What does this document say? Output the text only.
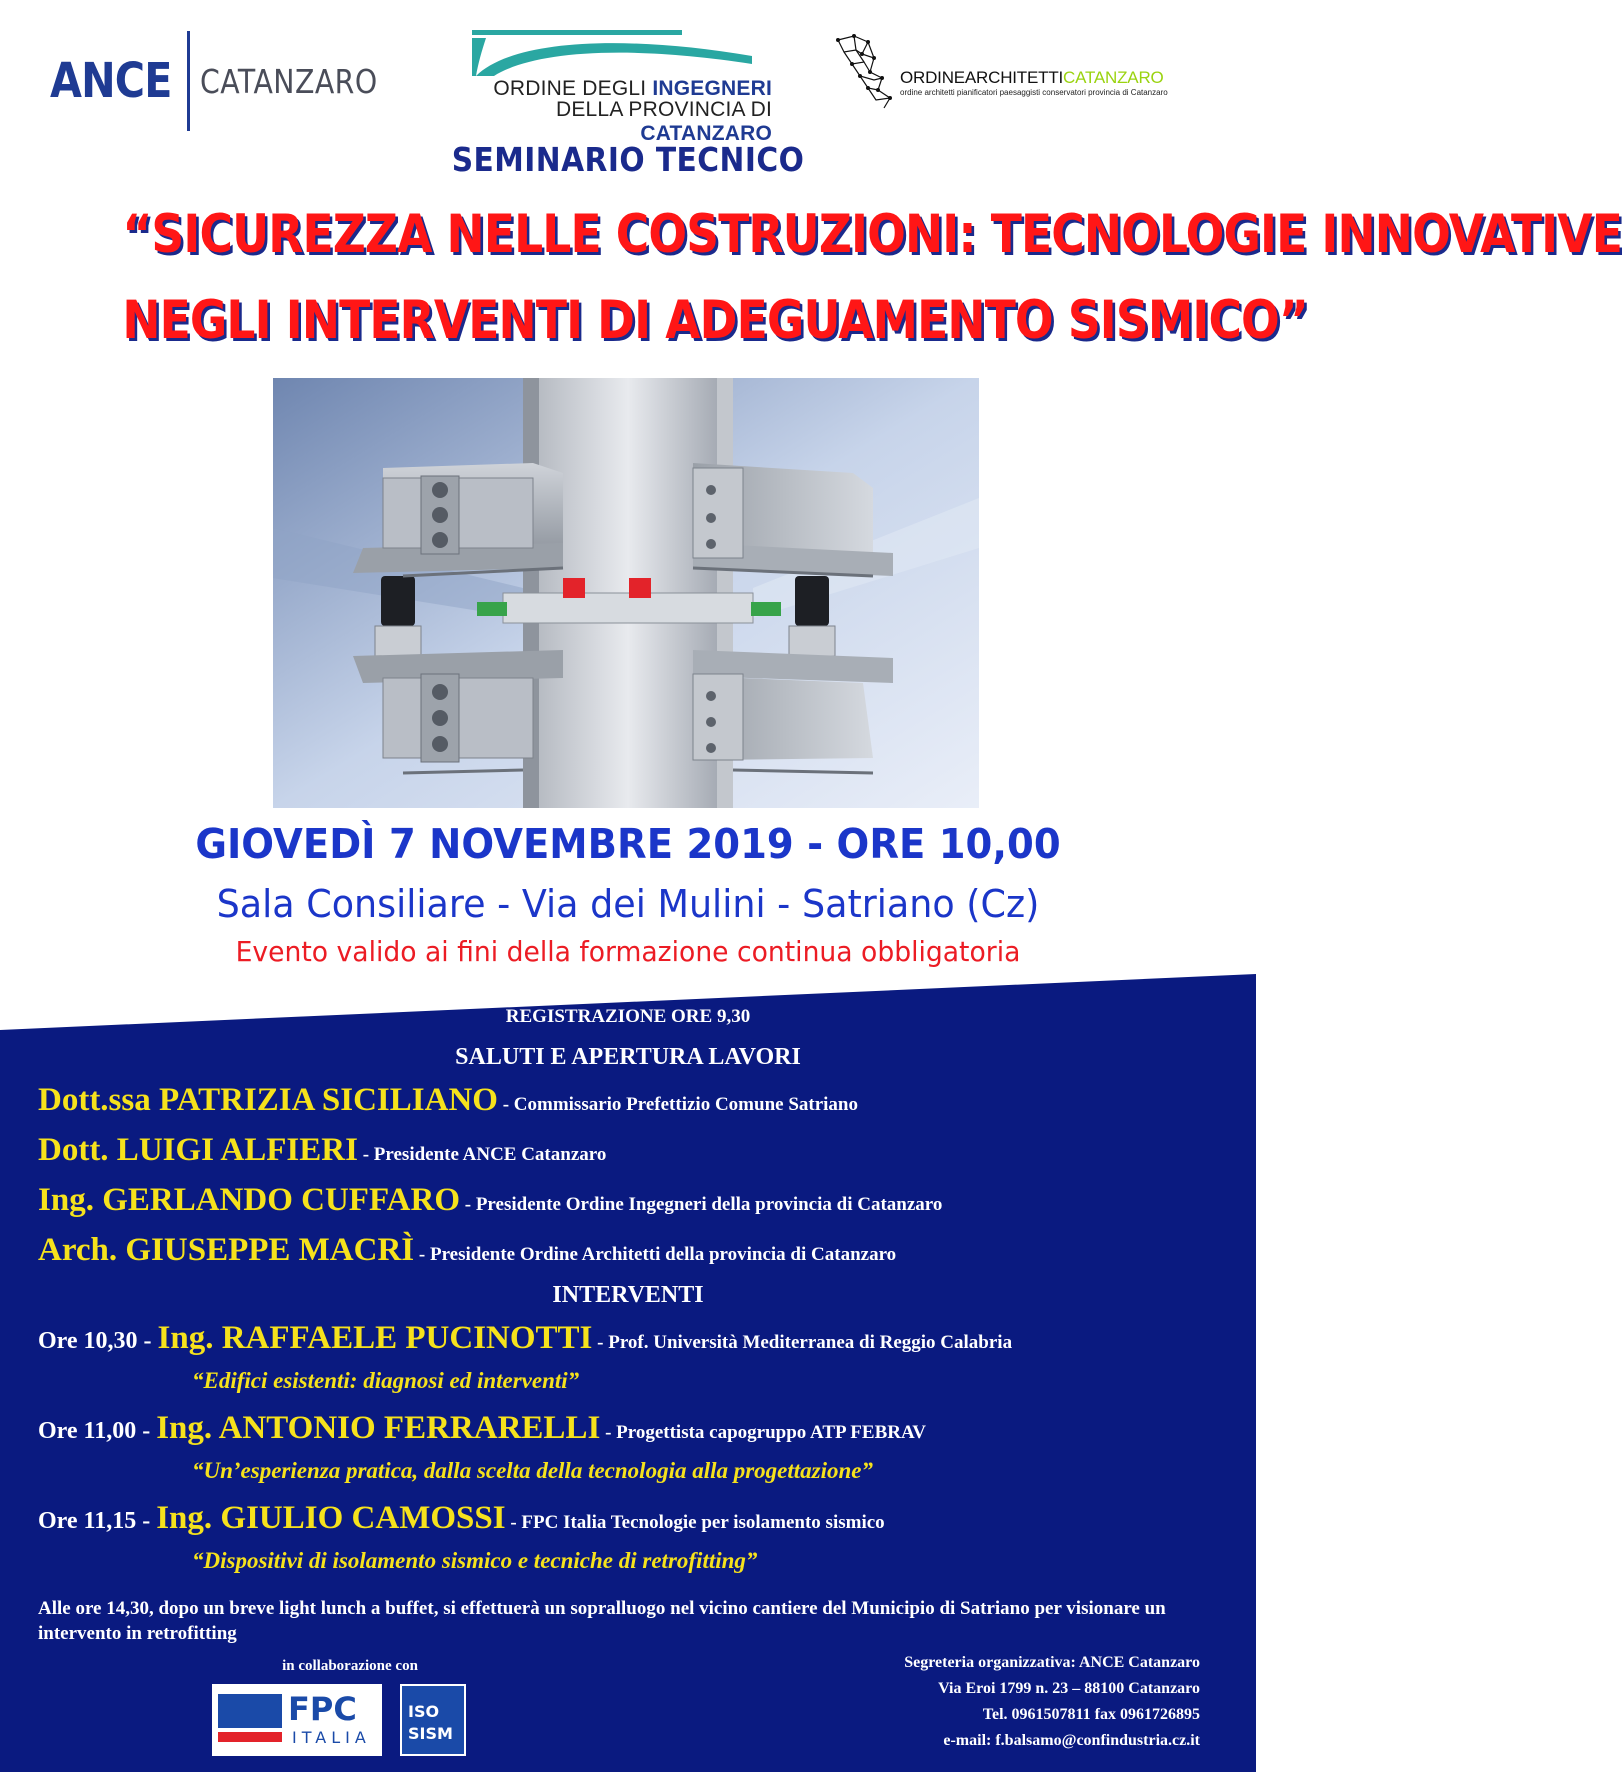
ANCE CATANZARO	ORDINE DEGLI INGEGNERI
DELLA PROVINCIA DI CATANZARO
ORDINEARCHITETTICATANZARO
ordine architetti pianificatori paesaggisti conservatori provincia di Catanzaro
SEMINARIO TECNICO
“SICUREZZA NELLE COSTRUZIONI: TECNOLOGIE INNOVATIVE
NEGLI INTERVENTI DI ADEGUAMENTO SISMICO”
GIOVEDÌ 7 NOVEMBRE 2019 - ORE 10,00
Sala Consiliare - Via dei Mulini - Satriano (Cz)
Evento valido ai fini della formazione continua obbligatoria
REGISTRAZIONE ORE 9,30
SALUTI E APERTURA LAVORI
Dott.ssa PATRIZIA SICILIANO - Commissario Prefettizio Comune Satriano
Dott. LUIGI ALFIERI - Presidente ANCE Catanzaro
Ing. GERLANDO CUFFARO - Presidente Ordine Ingegneri della provincia di Catanzaro
Arch. GIUSEPPE MACRÌ - Presidente Ordine Architetti della provincia di Catanzaro
INTERVENTI
Ore 10,30 - Ing. RAFFAELE PUCINOTTI - Prof. Università Mediterranea di Reggio Calabria
“Edifici esistenti: diagnosi ed interventi”
Ore 11,00 - Ing. ANTONIO FERRARELLI - Progettista capogruppo ATP FEBRAV
“Un’esperienza pratica, dalla scelta della tecnologia alla progettazione”
Ore 11,15 - Ing. GIULIO CAMOSSI - FPC Italia Tecnologie per isolamento sismico
“Dispositivi di isolamento sismico e tecniche di retrofitting”
Alle ore 14,30, dopo un breve light lunch a buffet, si effettuerà un sopralluogo nel vicino cantiere del Municipio di Satriano per visionare un intervento in retrofitting
in collaborazione con	Segreteria organizzativa: ANCE Catanzaro
Via Eroi 1799 n. 23 – 88100 Catanzaro
Tel. 0961507811 fax 0961726895
e-mail: f.balsamo@confindustria.cz.it
FPC
ITALIA
ISO
SISM
